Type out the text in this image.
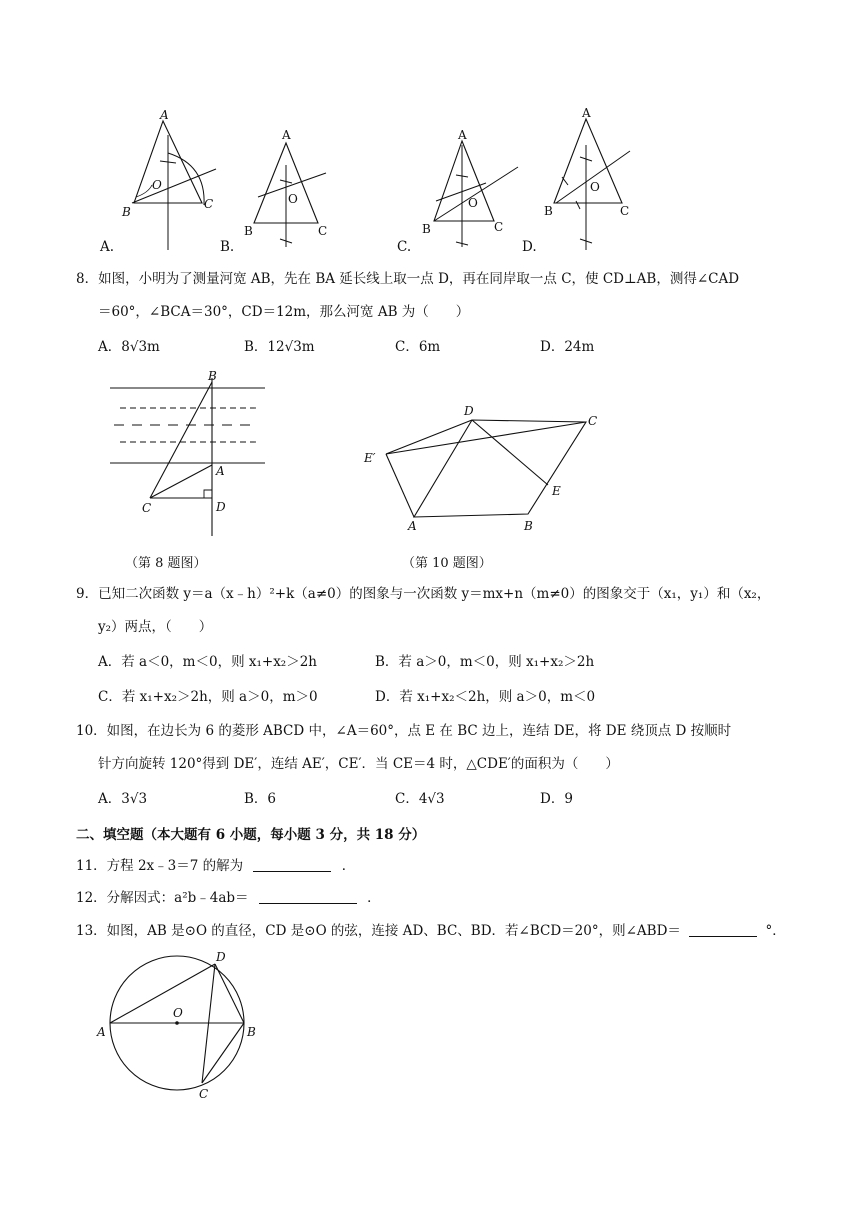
A
O
B
C
A
O
B	C
A
O
B	C
A
O
B	C
A.	B.	C.	D.
8．如图，小明为了测量河宽 AB，先在 BA 延长线上取一点 D，再在同岸取一点 C，使 CD⊥AB，测得∠CAD
＝60°，∠BCA＝30°，CD＝12m，那么河宽 AB 为（　　）
A．8√3m	B．12√3m	C．6m	D．24m
B
A
C	D
D
C
E′
E
A	B
（第 8 题图）	（第 10 题图）
9．已知二次函数 y＝a（x﹣h）²+k（a≠0）的图象与一次函数 y＝mx+n（m≠0）的图象交于（x₁，y₁）和（x₂，
y₂）两点，（　　）
A．若 a＜0，m＜0，则 x₁+x₂＞2h	B．若 a＞0，m＜0，则 x₁+x₂＞2h
C．若 x₁+x₂＞2h，则 a＞0，m＞0	D．若 x₁+x₂＜2h，则 a＞0，m＜0
10．如图，在边长为 6 的菱形 ABCD 中，∠A＝60°，点 E 在 BC 边上，连结 DE，将 DE 绕顶点 D 按顺时
针方向旋转 120°得到 DE′，连结 AE′，CE′．当 CE＝4 时，△CDE′的面积为（　　）
A．3√3	B．6	C．4√3	D．9
二、填空题（本大题有 6 小题，每小题 3 分，共 18 分）
11．方程 2x﹣3＝7 的解为	．
12．分解因式：a²b﹣4ab＝	．
13．如图，AB 是⊙O 的直径，CD 是⊙O 的弦，连接 AD、BC、BD．若∠BCD＝20°，则∠ABD＝	°．
D
O
A	B
C
